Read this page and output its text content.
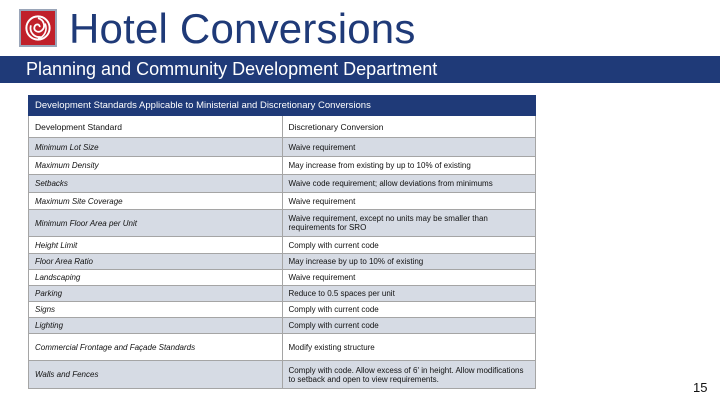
Hotel Conversions
Planning and Community Development Department
Development Standards Applicable to Ministerial and Discretionary Conversions	
Development Standard	Discretionary Conversion
Minimum Lot Size	Waive requirement
Maximum Density	May increase from existing by up to 10% of existing
Setbacks	Waive code requirement; allow deviations from minimums
Maximum Site Coverage	Waive requirement
Minimum Floor Area per Unit	Waive requirement, except no units may be smaller than requirements for SRO
Height Limit	Comply with current code
Floor Area Ratio	May increase by up to 10% of existing
Landscaping	Waive requirement
Parking	Reduce to 0.5 spaces per unit
Signs	Comply with current code
Lighting	Comply with current code
Commercial Frontage and Façade Standards	Modify existing structure
Walls and Fences	Comply with code. Allow excess of 6' in height. Allow modifications to setback and open to view requirements.
15
